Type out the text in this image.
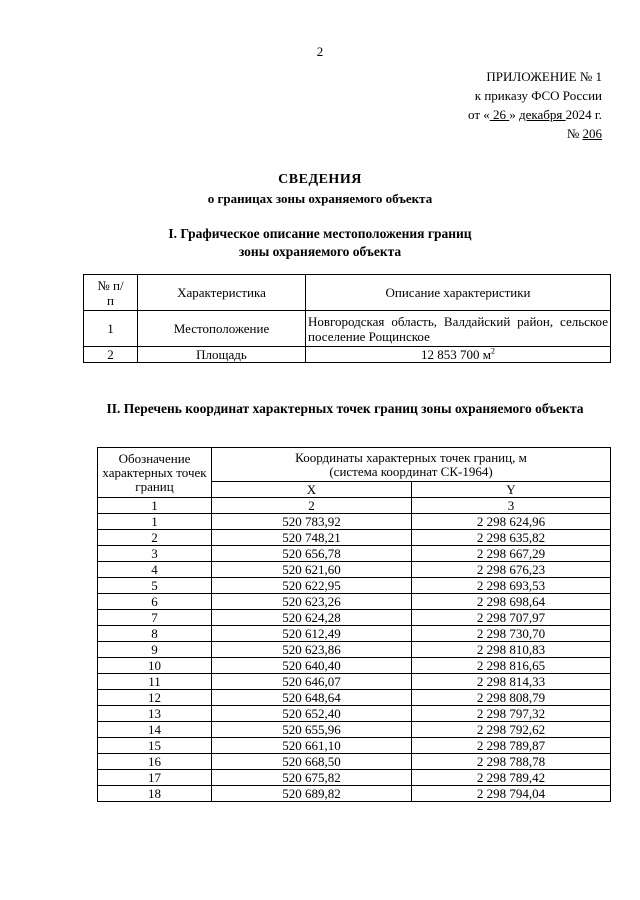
2
ПРИЛОЖЕНИЕ № 1
к приказу ФСО России
от « 26 » декабря 2024 г.
№ 206
СВЕДЕНИЯ
о границах зоны охраняемого объекта
I. Графическое описание местоположения границ
зоны охраняемого объекта
№ п/п	Характеристика	Описание характеристики
1	Местоположение	Новгородская область, Валдайский район, сельское поселение Рощинское
2	Площадь	12 853 700 $м^2$
II. Перечень координат характерных точек границ зоны охраняемого объекта
Обозначение характерных точек границ	Координаты характерных точек границ, м (система координат СК-1964)	
	X	Y
1	2	3
1	520 783,92	2 298 624,96
2	520 748,21	2 298 635,82
3	520 656,78	2 298 667,29
4	520 621,60	2 298 676,23
5	520 622,95	2 298 693,53
6	520 623,26	2 298 698,64
7	520 624,28	2 298 707,97
8	520 612,49	2 298 730,70
9	520 623,86	2 298 810,83
10	520 640,40	2 298 816,65
11	520 646,07	2 298 814,33
12	520 648,64	2 298 808,79
13	520 652,40	2 298 797,32
14	520 655,96	2 298 792,62
15	520 661,10	2 298 789,87
16	520 668,50	2 298 788,78
17	520 675,82	2 298 789,42
18	520 689,82	2 298 794,04
